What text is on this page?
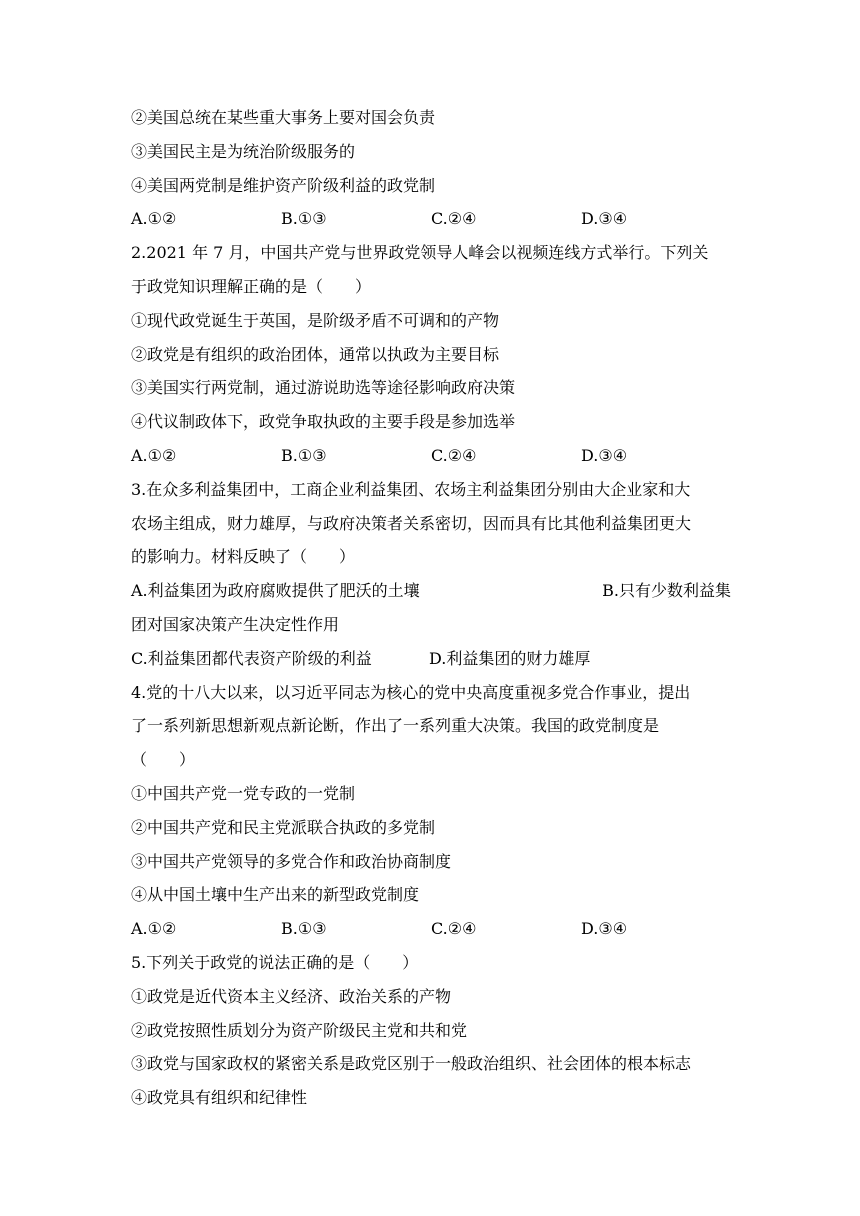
②美国总统在某些重大事务上要对国会负责
③美国民主是为统治阶级服务的
④美国两党制是维护资产阶级利益的政党制
A.①②	B.①③	C.②④	D.③④
2.2021 年 7 月，中国共产党与世界政党领导人峰会以视频连线方式举行。下列关
于政党知识理解正确的是（　　）
①现代政党诞生于英国，是阶级矛盾不可调和的产物
②政党是有组织的政治团体，通常以执政为主要目标
③美国实行两党制，通过游说助选等途径影响政府决策
④代议制政体下，政党争取执政的主要手段是参加选举
A.①②	B.①③	C.②④	D.③④
3.在众多利益集团中，工商企业利益集团、农场主利益集团分别由大企业家和大
农场主组成，财力雄厚，与政府决策者关系密切，因而具有比其他利益集团更大
的影响力。材料反映了（　　）
A.利益集团为政府腐败提供了肥沃的土壤	B.只有少数利益集
团对国家决策产生决定性作用
C.利益集团都代表资产阶级的利益	D.利益集团的财力雄厚
4.党的十八大以来，以习近平同志为核心的党中央高度重视多党合作事业，提出
了一系列新思想新观点新论断，作出了一系列重大决策。我国的政党制度是
（　　）
①中国共产党一党专政的一党制
②中国共产党和民主党派联合执政的多党制
③中国共产党领导的多党合作和政治协商制度
④从中国土壤中生产出来的新型政党制度
A.①②	B.①③	C.②④	D.③④
5.下列关于政党的说法正确的是（　　）
①政党是近代资本主义经济、政治关系的产物
②政党按照性质划分为资产阶级民主党和共和党
③政党与国家政权的紧密关系是政党区别于一般政治组织、社会团体的根本标志
④政党具有组织和纪律性
